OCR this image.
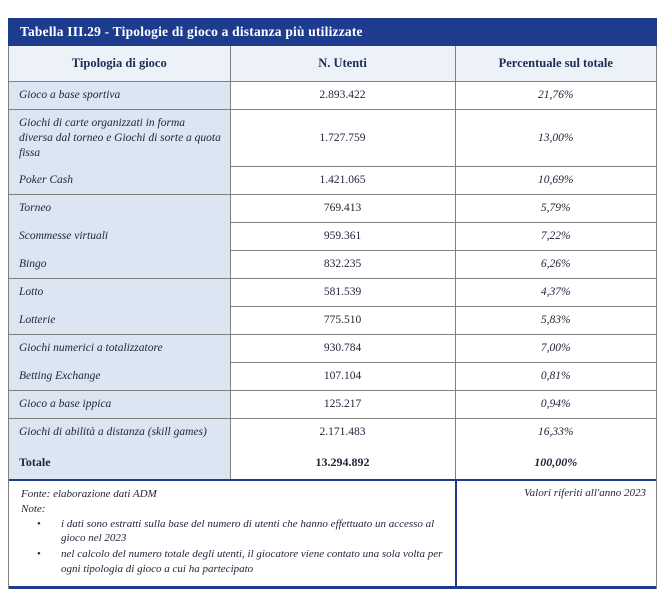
Tabella III.29 - Tipologie di gioco a distanza più utilizzate
Tipologia di gioco	N. Utenti	Percentuale sul totale
Gioco a base sportiva	2.893.422	21,76%
Giochi di carte organizzati in forma diversa dal torneo e Giochi di sorte a quota fissa	1.727.759	13,00%
Poker Cash	1.421.065	10,69%
Torneo	769.413	5,79%
Scommesse virtuali	959.361	7,22%
Bingo	832.235	6,26%
Lotto	581.539	4,37%
Lotterie	775.510	5,83%
Giochi numerici a totalizzatore	930.784	7,00%
Betting Exchange	107.104	0,81%
Gioco a base ippica	125.217	0,94%
Giochi di abilità a distanza (skill games)	2.171.483	16,33%
Totale	13.294.892	100,00%
Fonte: elaborazione dati ADM
Note:
• i dati sono estratti sulla base del numero di utenti che hanno effettuato un accesso al gioco nel 2023
• nel calcolo del numero totale degli utenti, il giocatore viene contato una sola volta per ogni tipologia di gioco a cui ha partecipato
Valori riferiti all'anno 2023
